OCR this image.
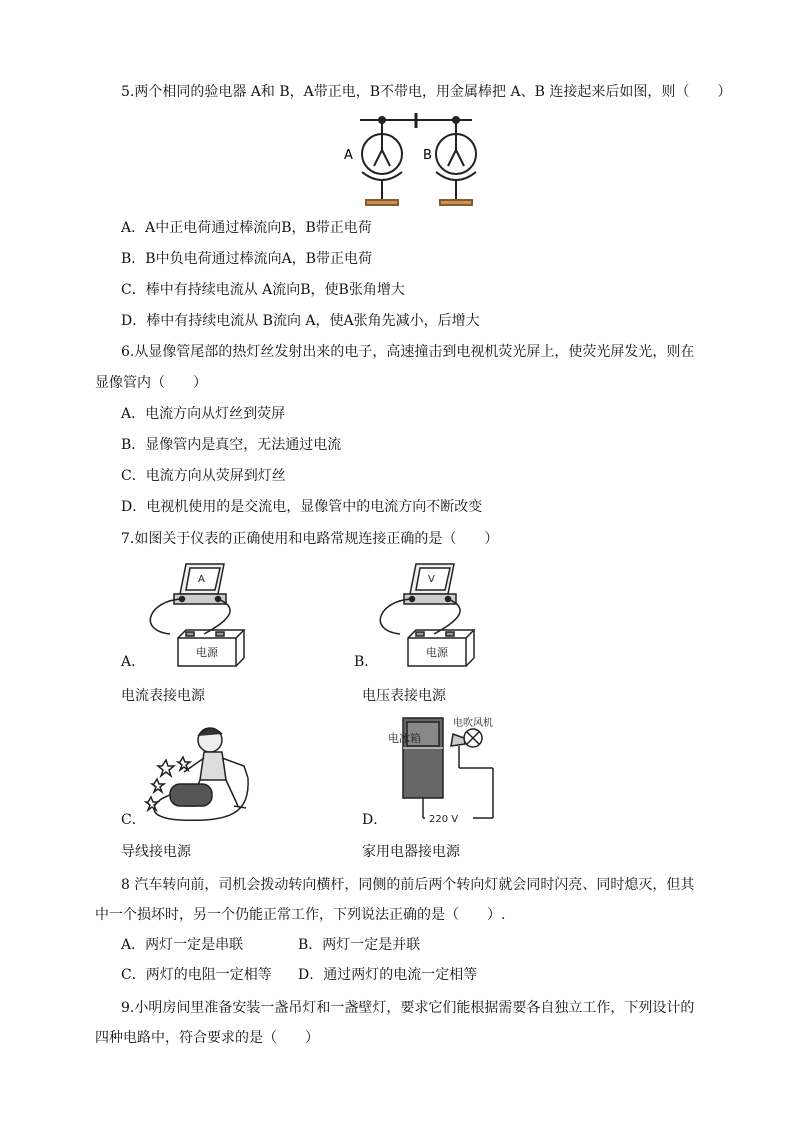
5.两个相同的验电器 A和 B，A带正电，B不带电，用金属棒把 A、B 连接起来后如图，则（　　）
A	B
A．A中正电荷通过棒流向B，B带正电荷
B．B中负电荷通过棒流向A，B带正电荷
C．棒中有持续电流从 A流向B，使B张角增大
D．棒中有持续电流从 B流向 A，使A张角先减小，后增大
6.从显像管尾部的热灯丝发射出来的电子，高速撞击到电视机荧光屏上，使荧光屏发光，则在
显像管内（　　）
A．电流方向从灯丝到荧屏
B．显像管内是真空，无法通过电流
C．电流方向从荧屏到灯丝
D．电视机使用的是交流电，显像管中的电流方向不断改变
7.如图关于仪表的正确使用和电路常规连接正确的是（　　）
A
电源
A．
电流表接电源
V
电源
B．
电压表接电源
C．
导线接电源
电冰箱
电吹风机
220 V
D．
家用电器接电源
8 汽车转向前，司机会拨动转向横杆，同侧的前后两个转向灯就会同时闪亮、同时熄灭，但其
中一个损坏时，另一个仍能正常工作，下列说法正确的是（　　）.
A．两灯一定是串联	B．两灯一定是并联
C．两灯的电阻一定相等 D．通过两灯的电流一定相等
9.小明房间里准备安装一盏吊灯和一盏壁灯，要求它们能根据需要各自独立工作，下列设计的
四种电路中，符合要求的是（　　）
